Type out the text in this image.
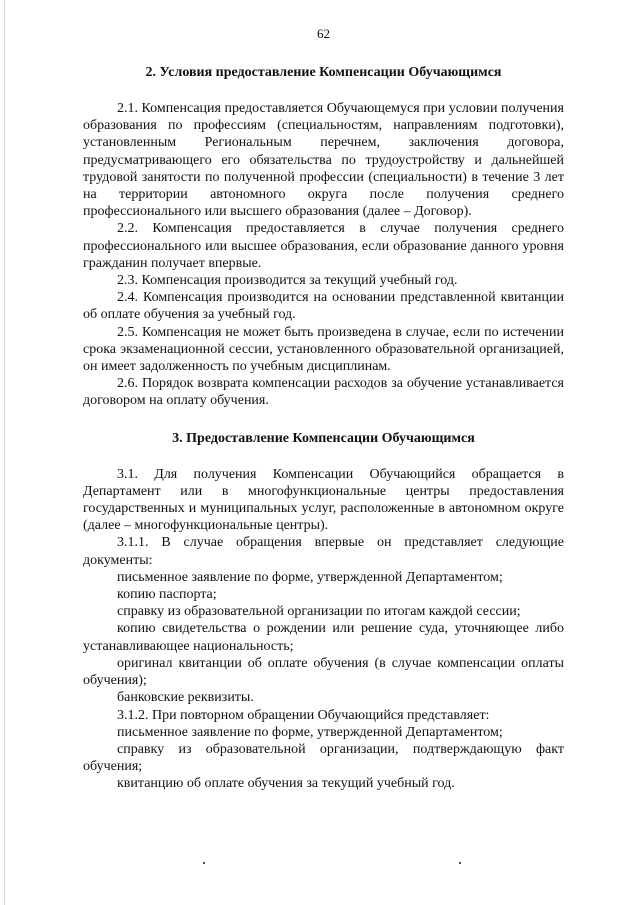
62
2. Условия предоставление Компенсации Обучающимся

2.1. Компенсация предоставляется Обучающемуся при условии получения образования по профессиям (специальностям, направлениям подготовки), установленным Региональным перечнем, заключения договора, предусматривающего его обязательства по трудоустройству и дальнейшей трудовой занятости по полученной профессии (специальности) в течение 3 лет на территории автономного округа после получения среднего профессионального или высшего образования (далее – Договор).

2.2. Компенсация предоставляется в случае получения среднего профессионального или высшее образования, если образование данного уровня гражданин получает впервые.

2.3. Компенсация производится за текущий учебный год.

2.4. Компенсация производится на основании представленной квитанции об оплате обучения за учебный год.

2.5. Компенсация не может быть произведена в случае, если по истечении срока экзаменационной сессии, установленного образовательной организацией, он имеет задолженность по учебным дисциплинам.

2.6. Порядок возврата компенсации расходов за обучение устанавливается договором на оплату обучения.

3. Предоставление Компенсации Обучающимся

3.1. Для получения Компенсации Обучающийся обращается в Департамент или в многофункциональные центры предоставления государственных и муниципальных услуг, расположенные в автономном округе (далее – многофункциональные центры).

3.1.1. В случае обращения впервые он представляет следующие документы:

письменное заявление по форме, утвержденной Департаментом;

копию паспорта;

справку из образовательной организации по итогам каждой сессии;

копию свидетельства о рождении или решение суда, уточняющее либо устанавливающее национальность;

оригинал квитанции об оплате обучения (в случае компенсации оплаты обучения);

банковские реквизиты.

3.1.2. При повторном обращении Обучающийся представляет:

письменное заявление по форме, утвержденной Департаментом;

справку из образовательной организации, подтверждающую факт обучения;

квитанцию об оплате обучения за текущий учебный год.
